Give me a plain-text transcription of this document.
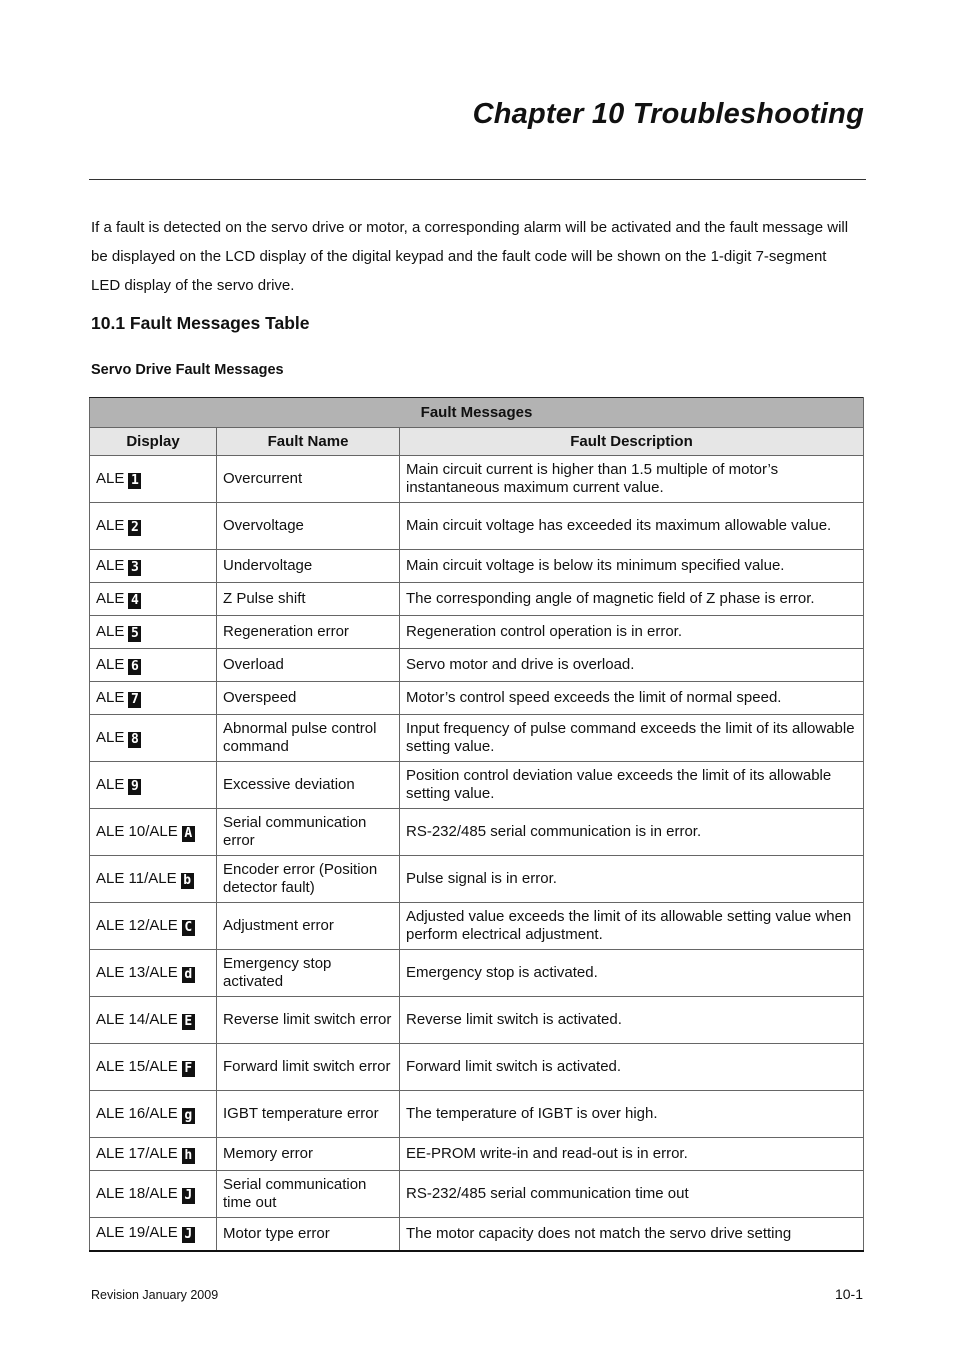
Chapter 10 Troubleshooting

If a fault is detected on the servo drive or motor, a corresponding alarm will be activated and the fault message will be displayed on the LCD display of the digital keypad and the fault code will be shown on the 1-digit 7-segment LED display of the servo drive.

10.1 Fault Messages Table
Servo Drive Fault Messages
Fault Messages		
Display	Fault Name	Fault Description
ALE 1	Overcurrent	Main circuit current is higher than 1.5 multiple of motor’s instantaneous maximum current value.
ALE 2	Overvoltage	Main circuit voltage has exceeded its maximum allowable value.
ALE 3	Undervoltage	Main circuit voltage is below its minimum specified value.
ALE 4	Z Pulse shift	The corresponding angle of magnetic field of Z phase is error.
ALE 5	Regeneration error	Regeneration control operation is in error.
ALE 6	Overload	Servo motor and drive is overload.
ALE 7	Overspeed	Motor’s control speed exceeds the limit of normal speed.
ALE 8	Abnormal pulse control command	Input frequency of pulse command exceeds the limit of its allowable setting value.
ALE 9	Excessive deviation	Position control deviation value exceeds the limit of its allowable setting value.
ALE 10/ALE A	Serial communication error	RS-232/485 serial communication is in error.
ALE 11/ALE b	Encoder error (Position detector fault)	Pulse signal is in error.
ALE 12/ALE C	Adjustment error	Adjusted value exceeds the limit of its allowable setting value when perform electrical adjustment.
ALE 13/ALE d	Emergency stop activated	Emergency stop is activated.
ALE 14/ALE E	Reverse limit switch error	Reverse limit switch is activated.
ALE 15/ALE F	Forward limit switch error	Forward limit switch is activated.
ALE 16/ALE g	IGBT temperature error	The temperature of IGBT is over high.
ALE 17/ALE h	Memory error	EE-PROM write-in and read-out is in error.
ALE 18/ALE J	Serial communication time out	RS-232/485 serial communication time out
ALE 19/ALE J	Motor type error	The motor capacity does not match the servo drive setting

Revision January 2009	10-1
